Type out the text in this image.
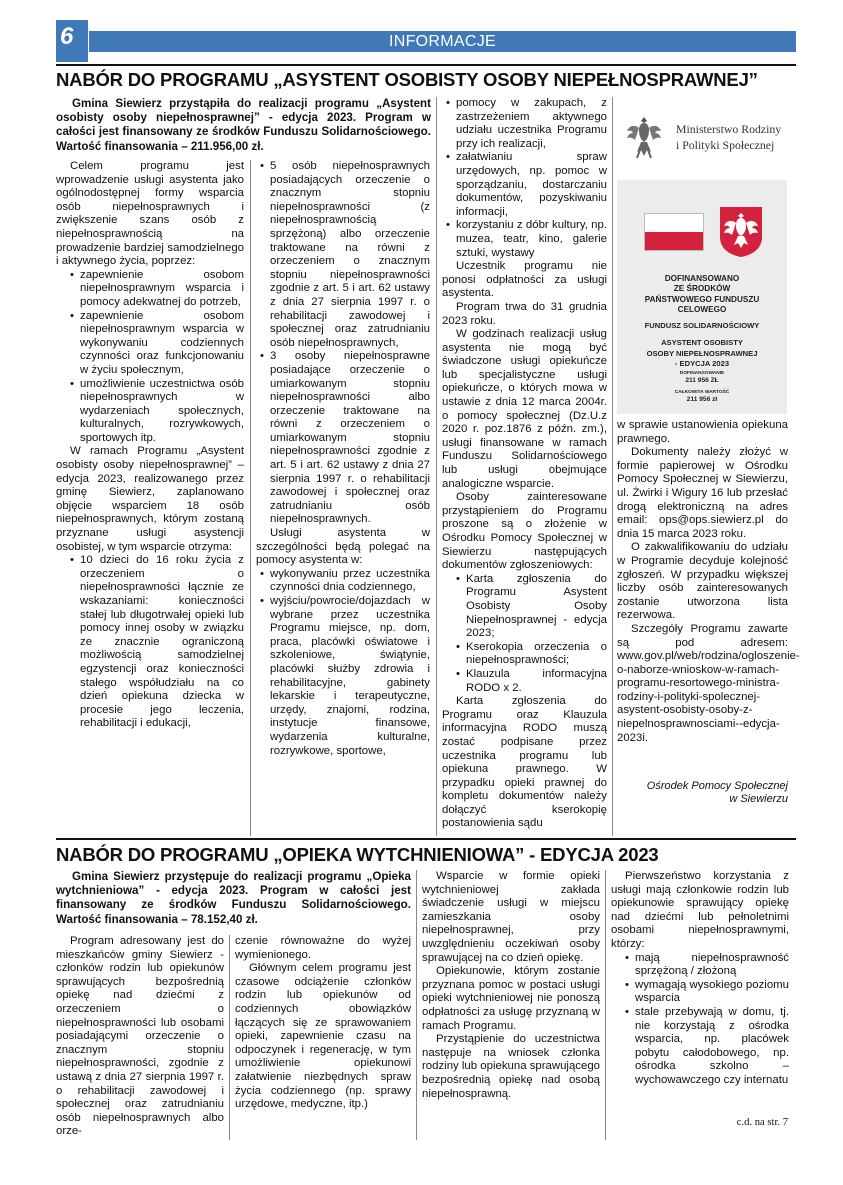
6	INFORMACJE
NABÓR DO PROGRAMU „ASYSTENT OSOBISTY OSOBY NIEPEŁNOSPRAWNEJ”
Gmina Siewierz przystąpiła do realizacji programu „Asystent osobisty osoby niepełnosprawnej” - edycja 2023. Program w całości jest finansowany ze środków Funduszu Solidarnościowego. Wartość finansowania – 211.956,00 zł.

Celem programu jest wprowadzenie usługi asystenta jako ogólnodostępnej formy wsparcia osób niepełnosprawnych i zwiększenie szans osób z niepełnosprawnością na prowadzenie bardziej samodzielnego i aktywnego życia, poprzez:

• zapewnienie osobom niepełnosprawnym wsparcia i pomocy adekwatnej do potrzeb,
• zapewnienie osobom niepełnosprawnym wsparcia w wykonywaniu codziennych czynności oraz funkcjonowaniu w życiu społecznym,
• umożliwienie uczestnictwa osób niepełnosprawnych w wydarzeniach społecznych, kulturalnych, rozrywkowych, sportowych itp.

W ramach Programu „Asystent osobisty osoby niepełnosprawnej” – edycja 2023, realizowanego przez gminę Siewierz, zaplanowano objęcie wsparciem 18 osób niepełnosprawnych, którym zostaną przyznane usługi asystencji osobistej, w tym wsparcie otrzyma:

• 10 dzieci do 16 roku życia z orzeczeniem o niepełnosprawności łącznie ze wskazaniami: konieczności stałej lub długotrwałej opieki lub pomocy innej osoby w związku ze znacznie ograniczoną możliwością samodzielnej egzystencji oraz konieczności stałego współudziału na co dzień opiekuna dziecka w procesie jego leczenia, rehabilitacji i edukacji,
• 5 osób niepełnosprawnych posiadających orzeczenie o znacznym stopniu niepełnosprawności (z niepełnosprawnością sprzężoną) albo orzeczenie traktowane na równi z orzeczeniem o znacznym stopniu niepełnosprawności zgodnie z art. 5 i art. 62 ustawy z dnia 27 sierpnia 1997 r. o rehabilitacji zawodowej i społecznej oraz zatrudnianiu osób niepełnosprawnych,
• 3 osoby niepełnosprawne posiadające orzeczenie o umiarkowanym stopniu niepełnosprawności albo orzeczenie traktowane na równi z orzeczeniem o umiarkowanym stopniu niepełnosprawności zgodnie z art. 5 i art. 62 ustawy z dnia 27 sierpnia 1997 r. o rehabilitacji zawodowej i społecznej oraz zatrudnianiu osób niepełnosprawnych.

Usługi asystenta w szczególności będą polegać na pomocy asystenta w:

• wykonywaniu przez uczestnika czynności dnia codziennego,
• wyjściu/powrocie/dojazdach w wybrane przez uczestnika Programu miejsce, np. dom, praca, placówki oświatowe i szkoleniowe, świątynie, placówki służby zdrowia i rehabilitacyjne, gabinety lekarskie i terapeutyczne, urzędy, znajomi, rodzina, instytucje finansowe, wydarzenia kulturalne, rozrywkowe, sportowe,
• pomocy w zakupach, z zastrzeżeniem aktywnego udziału uczestnika Programu przy ich realizacji,
• załatwianiu spraw urzędowych, np. pomoc w sporządzaniu, dostarczaniu dokumentów, pozyskiwaniu informacji,
• korzystaniu z dóbr kultury, np. muzea, teatr, kino, galerie sztuki, wystawy

Uczestnik programu nie ponosi odpłatności za usługi asystenta.

Program trwa do 31 grudnia 2023 roku.

W godzinach realizacji usług asystenta nie mogą być świadczone usługi opiekuńcze lub specjalistyczne usługi opiekuńcze, o których mowa w ustawie z dnia 12 marca 2004r. o pomocy społecznej (Dz.U.z 2020 r. poz.1876 z późn. zm.), usługi finansowane w ramach Funduszu Solidarnościowego lub usługi obejmujące analogiczne wsparcie.

Osoby zainteresowane przystąpieniem do Programu proszone są o złożenie w Ośrodku Pomocy Społecznej w Siewierzu następujących dokumentów zgłoszeniowych:

• Karta zgłoszenia do Programu Asystent Osobisty Osoby Niepełnosprawnej - edycja 2023;
• Kserokopia orzeczenia o niepełnosprawności;
• Klauzula informacyjna RODO x 2.

Karta zgłoszenia do Programu oraz Klauzula informacyjna RODO muszą zostać podpisane przez uczestnika programu lub opiekuna prawnego. W przypadku opieki prawnej do kompletu dokumentów należy dołączyć kserokopię postanowienia sądu

Ministerstwo Rodziny
i Polityki Społecznej
DOFINANSOWANO
ZE ŚRODKÓW
PAŃSTWOWEGO FUNDUSZU
CELOWEGO
FUNDUSZ SOLIDARNOŚCIOWY
ASYSTENT OSOBISTY
OSOBY NIEPEŁNOSPRAWNEJ
- EDYCJA 2023
DOFINANSOWANIE
211 956 ZŁ
CAŁKOWITA WARTOŚĆ
211 956 zł

w sprawie ustanowienia opiekuna prawnego.

Dokumenty należy złożyć w formie papierowej w Ośrodku Pomocy Społecznej w Siewierzu, ul. Żwirki i Wigury 16 lub przesłać drogą elektroniczną na adres email: ops@ops.siewierz.pl do dnia 15 marca 2023 roku.

O zakwalifikowaniu do udziału w Programie decyduje kolejność zgłoszeń. W przypadku większej liczby osób zainteresowanych zostanie utworzona lista rezerwowa.

Szczegóły Programu zawarte są pod adresem: www.gov.pl/web/rodzina/ogloszenie-o-naborze-wnioskow-w-ramach-programu-resortowego-ministra-rodziny-i-polityki-spolecznej-asystent-osobisty-osoby-z-niepelnosprawnosciami--edycja-2023i.

Ośrodek Pomocy Społecznej
w Siewierzu
NABÓR DO PROGRAMU „OPIEKA WYTCHNIENIOWA” - EDYCJA 2023
Gmina Siewierz przystępuje do realizacji programu „Opieka wytchnieniowa” - edycja 2023. Program w całości jest finansowany ze środków Funduszu Solidarnościowego. Wartość finansowania – 78.152,40 zł.

Program adresowany jest do mieszkańców gminy Siewierz - członków rodzin lub opiekunów sprawujących bezpośrednią opiekę nad dziećmi z orzeczeniem o niepełnosprawności lub osobami posiadającymi orzeczenie o znacznym stopniu niepełnosprawności, zgodnie z ustawą z dnia 27 sierpnia 1997 r. o rehabilitacji zawodowej i społecznej oraz zatrudnianiu osób niepełnosprawnych albo orze-

czenie równoważne do wyżej wymienionego.

Głównym celem programu jest czasowe odciążenie członków rodzin lub opiekunów od codziennych obowiązków łączących się ze sprawowaniem opieki, zapewnienie czasu na odpoczynek i regenerację, w tym umożliwienie opiekunowi załatwienie niezbędnych spraw życia codziennego (np. sprawy urzędowe, medyczne, itp.)

Wsparcie w formie opieki wytchnieniowej zakłada świadczenie usługi w miejscu zamieszkania osoby niepełnosprawnej, przy uwzględnieniu oczekiwań osoby sprawującej na co dzień opiekę.

Opiekunowie, którym zostanie przyznana pomoc w postaci usługi opieki wytchnieniowej nie ponoszą odpłatności za usługę przyznaną w ramach Programu.

Przystąpienie do uczestnictwa następuje na wniosek członka rodziny lub opiekuna sprawującego bezpośrednią opiekę nad osobą niepełnosprawną.

Pierwszeństwo korzystania z usługi mają członkowie rodzin lub opiekunowie sprawujący opiekę nad dziećmi lub pełnoletnimi osobami niepełnosprawnymi, którzy:

• mają niepełnosprawność sprzężoną / złożoną
• wymagają wysokiego poziomu wsparcia
• stale przebywają w domu, tj. nie korzystają z ośrodka wsparcia, np. placówek pobytu całodobowego, np. ośrodka szkolno – wychowawczego czy internatu
c.d. na str. 7
